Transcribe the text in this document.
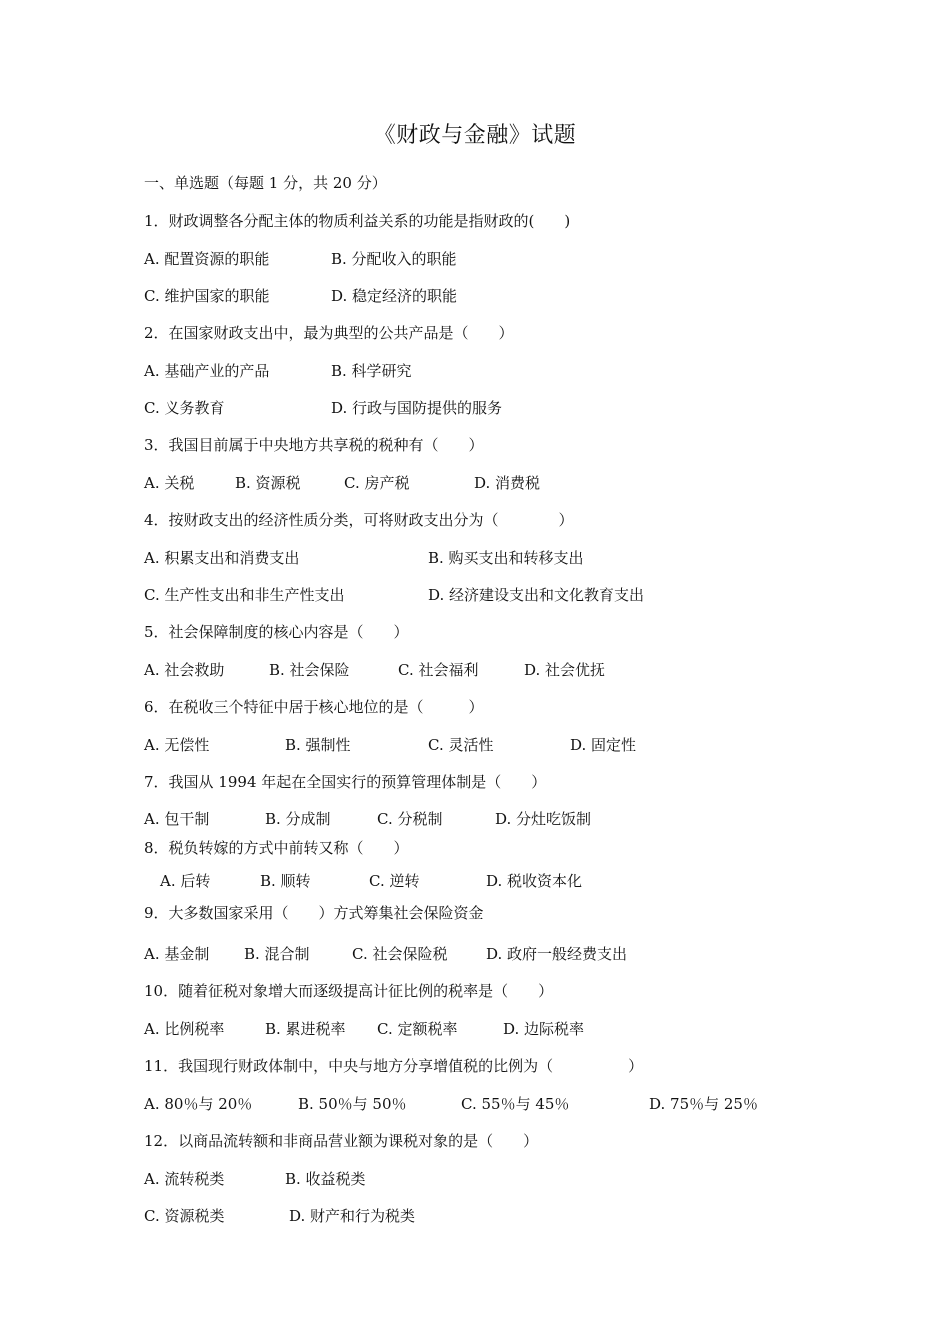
《财政与金融》试题
一、单选题（每题 1 分，共 20 分）
1．财政调整各分配主体的物质利益关系的功能是指财政的(　　)
A. 配置资源的职能	B. 分配收入的职能
C. 维护国家的职能	D. 稳定经济的职能
2．在国家财政支出中，最为典型的公共产品是（　　）
A. 基础产业的产品	B. 科学研究
C. 义务教育	D. 行政与国防提供的服务
3．我国目前属于中央地方共享税的税种有（　　）
A. 关税	B. 资源税	C. 房产税	D. 消费税
4．按财政支出的经济性质分类，可将财政支出分为（　　　　）
A. 积累支出和消费支出	B. 购买支出和转移支出
C. 生产性支出和非生产性支出	D. 经济建设支出和文化教育支出
5．社会保障制度的核心内容是（　　）
A. 社会救助	B. 社会保险	C. 社会福利	D. 社会优抚
6．在税收三个特征中居于核心地位的是（　　　）
A. 无偿性	B. 强制性	C. 灵活性	D. 固定性
7．我国从 1994 年起在全国实行的预算管理体制是（　　）
A. 包干制	B. 分成制	C. 分税制	D. 分灶吃饭制
8．税负转嫁的方式中前转又称（　　）
A. 后转	B. 顺转	C. 逆转	D. 税收资本化
9．大多数国家采用（　　）方式筹集社会保险资金
A. 基金制 B. 混合制	C. 社会保险税	D. 政府一般经费支出
10．随着征税对象增大而逐级提高计征比例的税率是（　　）
A. 比例税率	B. 累进税率 C. 定额税率	D. 边际税率
11．我国现行财政体制中，中央与地方分享增值税的比例为（　　　　　）
A. 80％与 20％	B. 50％与 50％	C. 55％与 45％	D. 75％与 25％
12．以商品流转额和非商品营业额为课税对象的是（　　）
A. 流转税类	B. 收益税类
C. 资源税类	D. 财产和行为税类
